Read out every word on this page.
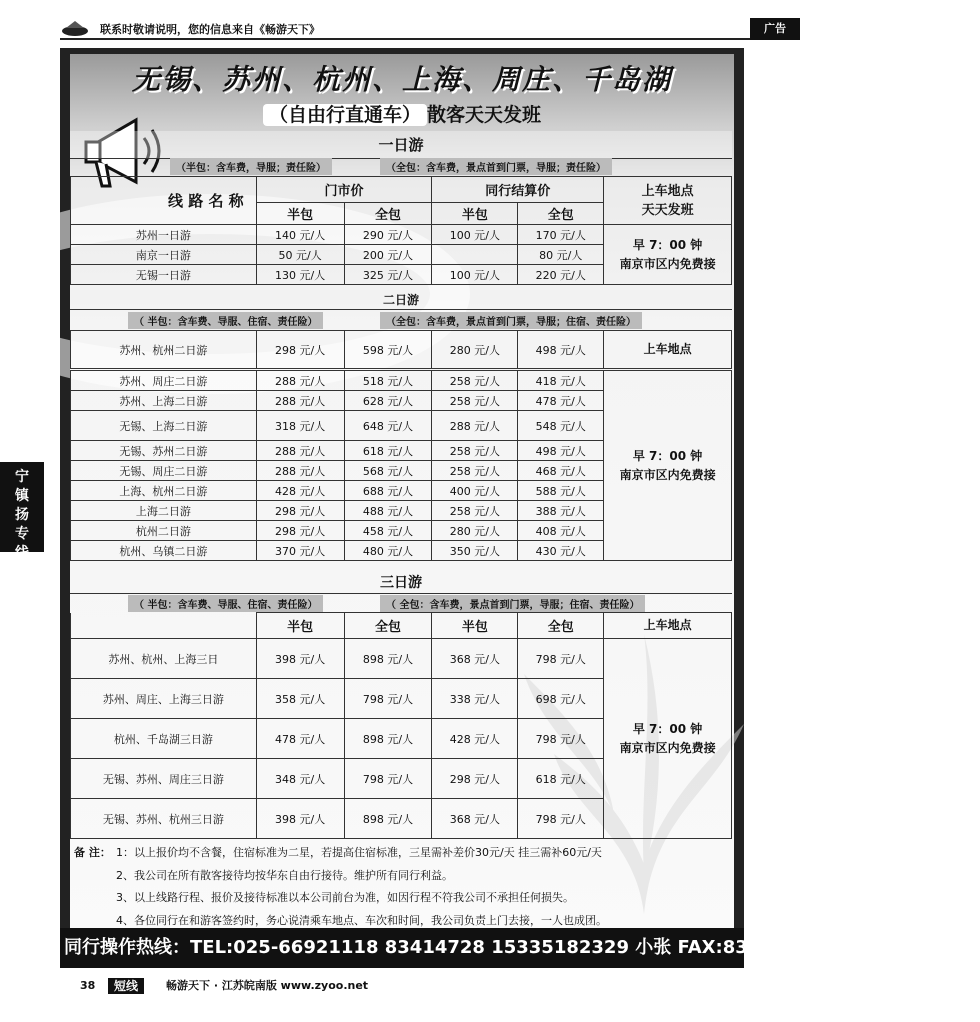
联系时敬请说明，您的信息来自《畅游天下》	广告
宁镇扬专线
无锡、苏州、杭州、上海、周庄、千岛湖
（自由行直通车） 散客天天发班
一日游
（半包：含车费，导服；责任险）	（全包：含车费，景点首到门票，导服；责任险）
线 路 名 称	门市价		同行结算价		上车地点
天天发班

	半包	全包	半包	全包	
苏州一日游	140 元/人	290 元/人	100 元/人	170 元/人	早 7：00 钟
南京市区内免费接

南京一日游	50 元/人	200 元/人		80 元/人	
无锡一日游	130 元/人	325 元/人	100 元/人	220 元/人	
二日游
（ 半包：含车费、导服、住宿、责任险）	（全包：含车费，景点首到门票，导服；住宿、责任险）
苏州、杭州二日游	298 元/人	598 元/人	280 元/人	498 元/人	上车地点
苏州、周庄二日游	288 元/人	518 元/人	258 元/人	418 元/人	早 7：00 钟
南京市区内免费接

苏州、上海二日游	288 元/人	628 元/人	258 元/人	478 元/人	
无锡、上海二日游	318 元/人	648 元/人	288 元/人	548 元/人	
无锡、苏州二日游	288 元/人	618 元/人	258 元/人	498 元/人	
无锡、周庄二日游	288 元/人	568 元/人	258 元/人	468 元/人	
上海、杭州二日游	428 元/人	688 元/人	400 元/人	588 元/人	
上海二日游	298 元/人	488 元/人	258 元/人	388 元/人	
杭州二日游	298 元/人	458 元/人	280 元/人	408 元/人	
杭州、乌镇二日游	370 元/人	480 元/人	350 元/人	430 元/人	
三日游
（ 半包：含车费、导服、住宿、责任险）	（ 全包：含车费，景点首到门票，导服；住宿、责任险）
	半包	全包	半包	全包	上车地点
苏州、杭州、上海三日	398 元/人	898 元/人	368 元/人	798 元/人	早 7：00 钟
南京市区内免费接

苏州、周庄、上海三日游	358 元/人	798 元/人	338 元/人	698 元/人	
杭州、千岛湖三日游	478 元/人	898 元/人	428 元/人	798 元/人	
无锡、苏州、周庄三日游	348 元/人	798 元/人	298 元/人	618 元/人	
无锡、苏州、杭州三日游	398 元/人	898 元/人	368 元/人	798 元/人	
备 注： 1：以上报价均不含餐，住宿标准为二星，若提高住宿标准，三星需补差价30元/天 挂三需补60元/天
2、我公司在所有散客接待均按华东自由行接待。维护所有同行利益。
3、以上线路行程、报价及接待标准以本公司前台为准，如因行程不符我公司不承担任何损失。
4、各位同行在和游客签约时，务心说清乘车地点、车次和时间，我公司负责上门去接，一人也成团。
同行操作热线：TEL:025-66921118 83414728 15335182329 小张 FAX:83467448 QQ:942092648
38	短线	畅游天下 · 江苏皖南版 www.zyoo.net
